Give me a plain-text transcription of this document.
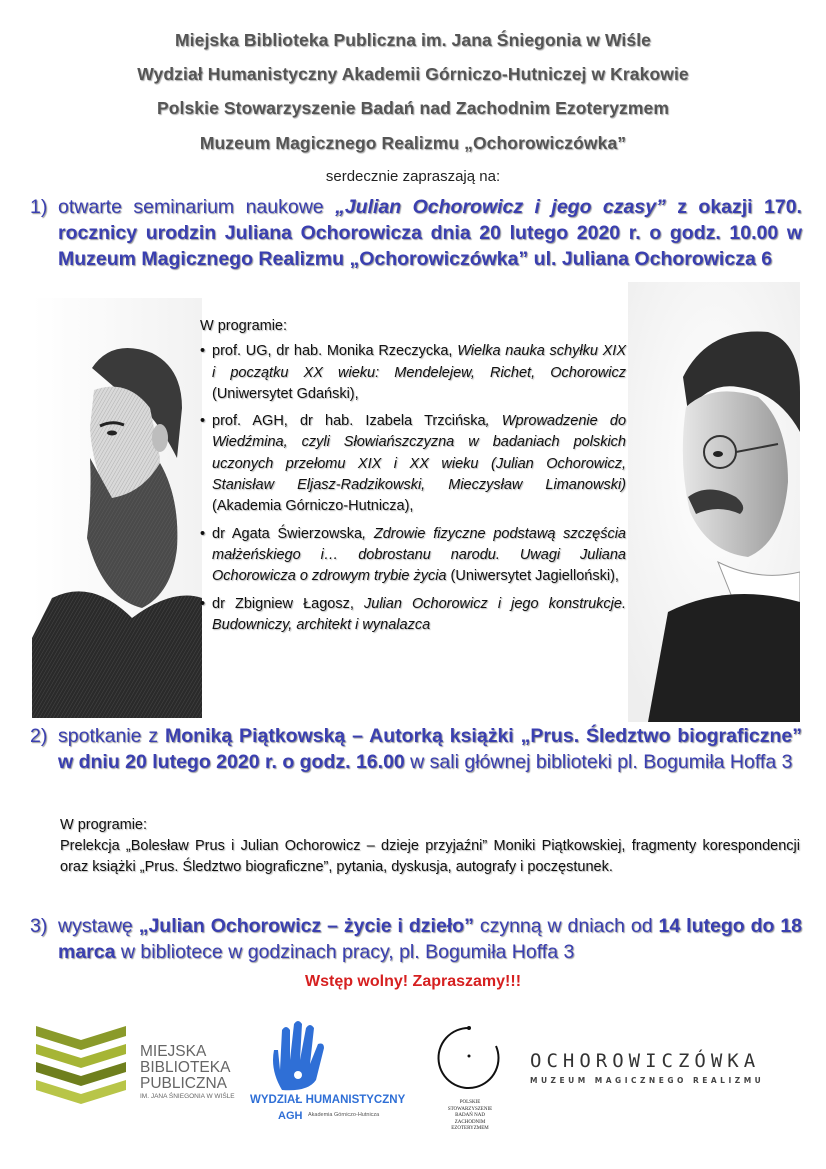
Miejska Biblioteka Publiczna im. Jana Śniegonia w Wiśle
Wydział Humanistyczny Akademii Górniczo-Hutniczej w Krakowie
Polskie Stowarzyszenie Badań nad Zachodnim Ezoteryzmem
Muzeum Magicznego Realizmu „Ochorowiczówka”
serdecznie zapraszają na:
1) otwarte seminarium naukowe „Julian Ochorowicz i jego czasy” z okazji 170. rocznicy urodzin Juliana Ochorowicza dnia 20 lutego 2020 r. o godz. 10.00 w Muzeum Magicznego Realizmu „Ochorowiczówka” ul. Juliana Ochorowicza 6
W programie:
• prof. UG, dr hab. Monika Rzeczycka, Wielka nauka schyłku XIX i początku XX wieku: Mendelejew, Richet, Ochorowicz (Uniwersytet Gdański),
• prof. AGH, dr hab. Izabela Trzcińska, Wprowadzenie do Wiedźmina, czyli Słowiańszczyzna w badaniach polskich uczonych przełomu XIX i XX wieku (Julian Ochorowicz, Stanisław Eljasz-Radzikowski, Mieczysław Limanowski) (Akademia Górniczo-Hutnicza),
• dr Agata Świerzowska, Zdrowie fizyczne podstawą szczęścia małżeńskiego i… dobrostanu narodu. Uwagi Juliana Ochorowicza o zdrowym trybie życia (Uniwersytet Jagielloński),
• dr Zbigniew Łagosz, Julian Ochorowicz i jego konstrukcje. Budowniczy, architekt i wynalazca
2) spotkanie z Moniką Piątkowską – Autorką książki „Prus. Śledztwo biograficzne” w dniu 20 lutego 2020 r. o godz. 16.00 w sali głównej biblioteki pl. Bogumiła Hoffa 3
W programie:
Prelekcja „Bolesław Prus i Julian Ochorowicz – dzieje przyjaźni” Moniki Piątkowskiej, fragmenty korespondencji oraz książki „Prus. Śledztwo biograficzne”, pytania, dyskusja, autografy i poczęstunek.
3) wystawę „Julian Ochorowicz – życie i dzieło” czynną w dniach od 14 lutego do 18 marca w bibliotece w godzinach pracy, pl. Bogumiła Hoffa 3
Wstęp wolny! Zapraszamy!!!
MIEJSKA
BIBLIOTEKA
PUBLICZNA
IM. JANA ŚNIEGONIA W WIŚLE WYDZIAŁ HUMANISTYCZNY
AGH Akademia Górniczo-Hutnicza
POLSKIE
STOWARZYSZENIE
BADAŃ NAD
ZACHODNIM
EZOTERYZMEM
OCHOROWICZÓWKA
MUZEUM MAGICZNEGO REALIZMU
